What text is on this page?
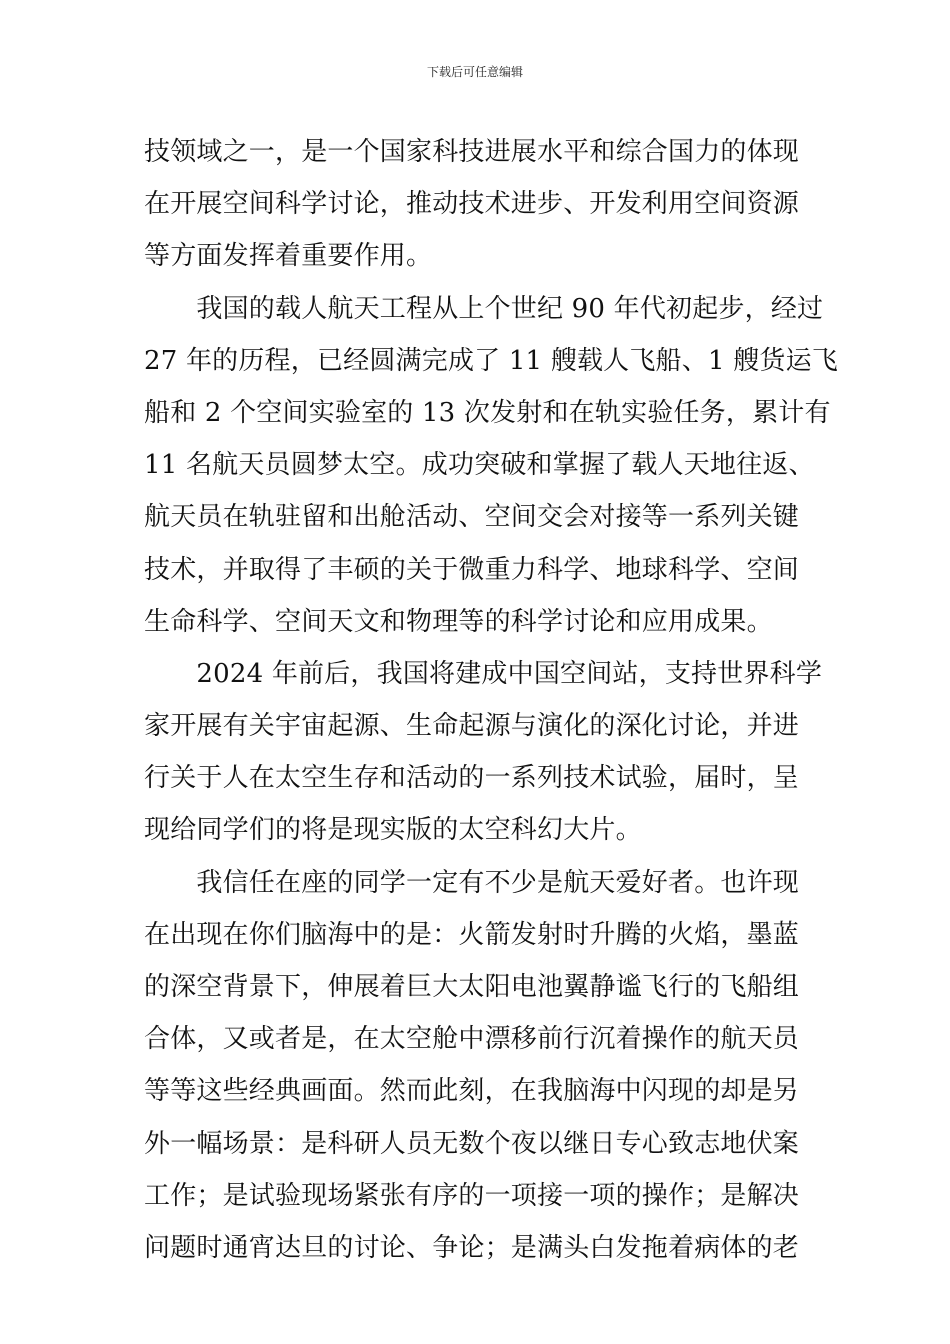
下载后可任意编辑
技领域之一，是一个国家科技进展水平和综合国力的体现
在开展空间科学讨论，推动技术进步、开发利用空间资源
等方面发挥着重要作用。
　　我国的载人航天工程从上个世纪 90 年代初起步，经过
27 年的历程，已经圆满完成了 11 艘载人飞船、1 艘货运飞
船和 2 个空间实验室的 13 次发射和在轨实验任务，累计有
11 名航天员圆梦太空。成功突破和掌握了载人天地往返、
航天员在轨驻留和出舱活动、空间交会对接等一系列关键
技术，并取得了丰硕的关于微重力科学、地球科学、空间
生命科学、空间天文和物理等的科学讨论和应用成果。
　　2024 年前后，我国将建成中国空间站，支持世界科学
家开展有关宇宙起源、生命起源与演化的深化讨论，并进
行关于人在太空生存和活动的一系列技术试验，届时，呈
现给同学们的将是现实版的太空科幻大片。
　　我信任在座的同学一定有不少是航天爱好者。也许现
在出现在你们脑海中的是：火箭发射时升腾的火焰，墨蓝
的深空背景下，伸展着巨大太阳电池翼静谧飞行的飞船组
合体，又或者是，在太空舱中漂移前行沉着操作的航天员
等等这些经典画面。然而此刻，在我脑海中闪现的却是另
外一幅场景：是科研人员无数个夜以继日专心致志地伏案
工作；是试验现场紧张有序的一项接一项的操作；是解决
问题时通宵达旦的讨论、争论；是满头白发拖着病体的老
